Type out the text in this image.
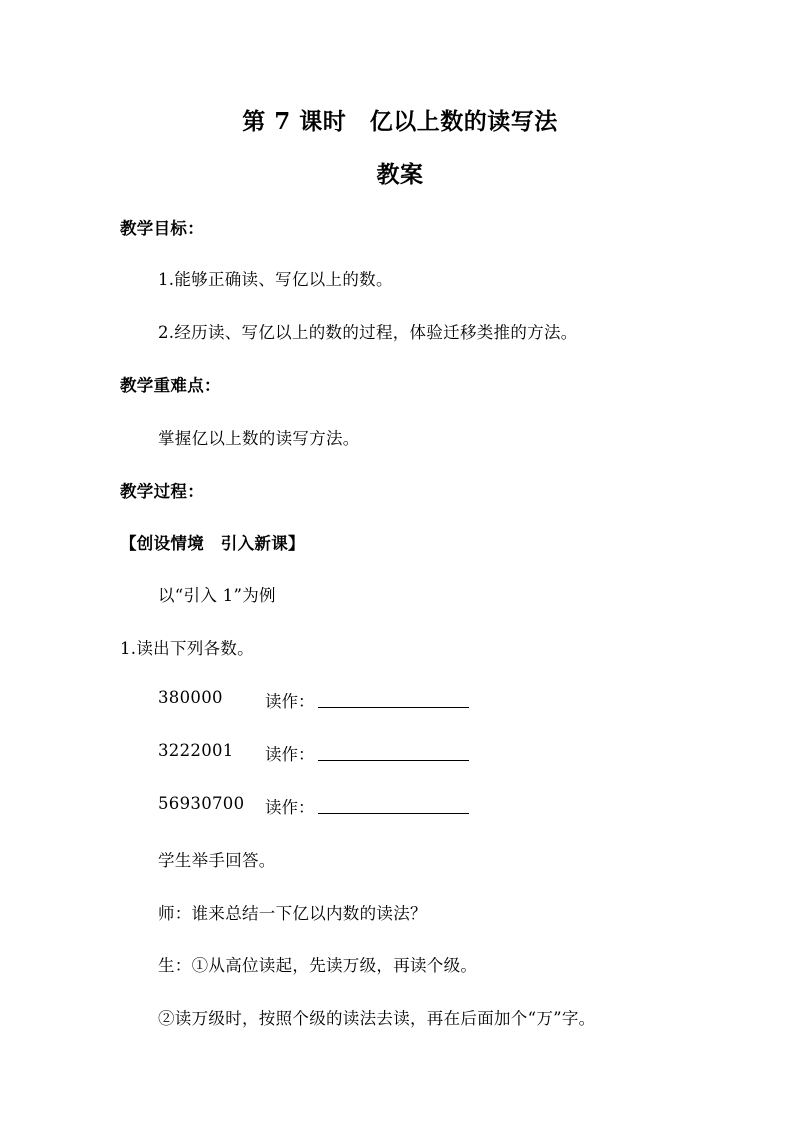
第 7 课时　亿以上数的读写法
教案
教学目标：
1.能够正确读、写亿以上的数。
2.经历读、写亿以上的数的过程，体验迁移类推的方法。
教学重难点：
掌握亿以上数的读写方法。
教学过程：
【创设情境　引入新课】
以“引入 1”为例
1.读出下列各数。
380000	读作：
3222001 读作：
56930700 读作：
学生举手回答。
师：谁来总结一下亿以内数的读法？
生：①从高位读起，先读万级，再读个级。
②读万级时，按照个级的读法去读，再在后面加个“万”字。
